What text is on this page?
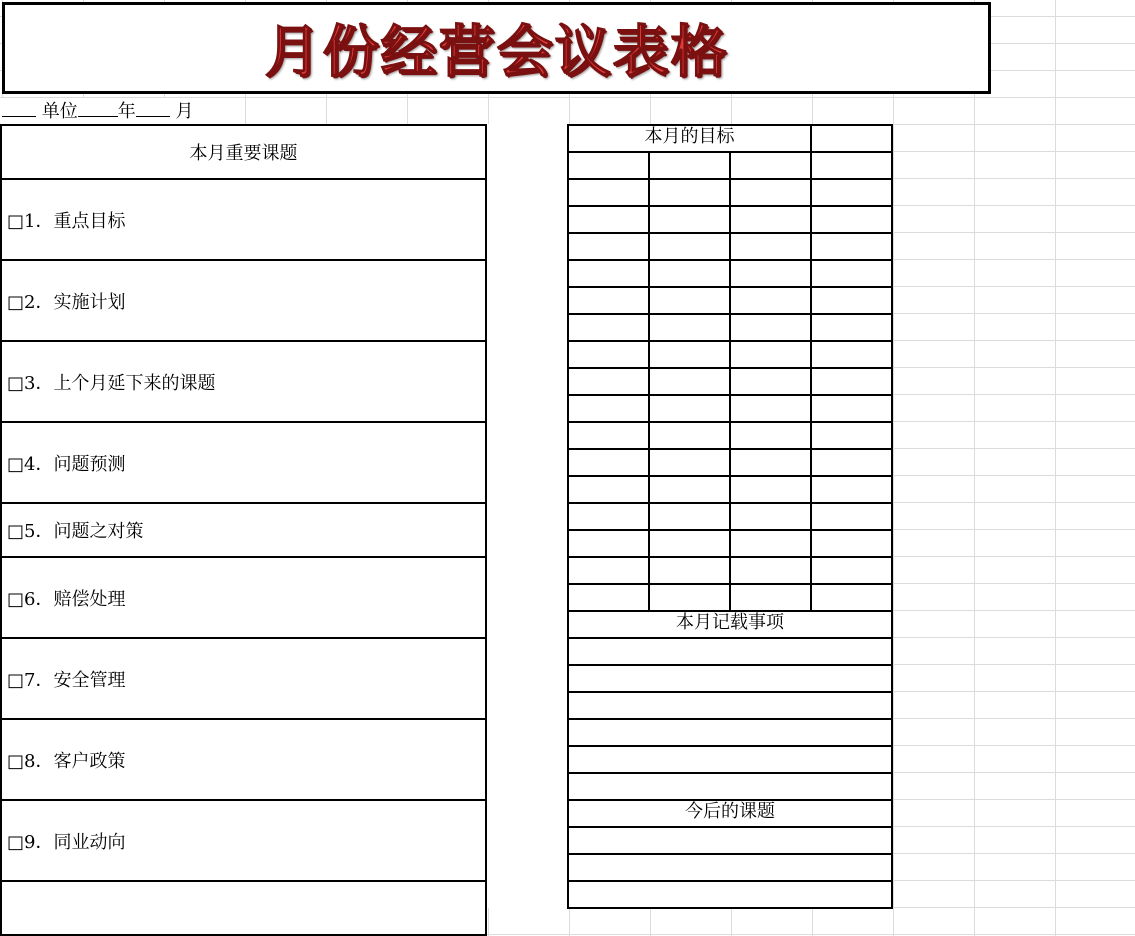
月份经营会议表格
单位 年 月
本月重要课题
□1．重点目标
□2．实施计划
□3．上个月延下来的课题
□4．问题预测
□5．问题之对策
□6．赔偿处理
□7．安全管理
□8．客户政策
□9．同业动向

本月的目标			

本月记载事项			

今后的课题			
